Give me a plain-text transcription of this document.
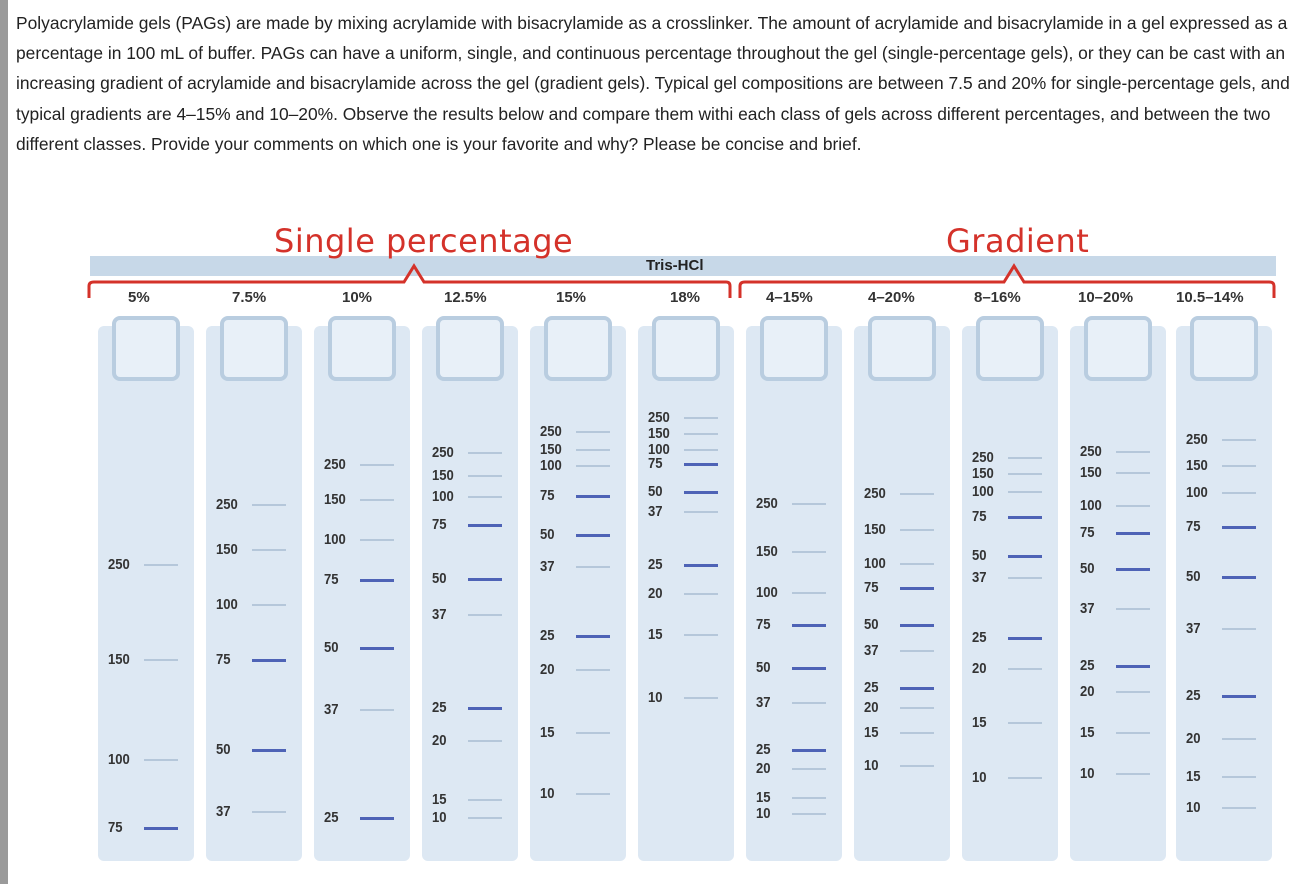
Polyacrylamide gels (PAGs) are made by mixing acrylamide with bisacrylamide as a crosslinker. The amount of acrylamide and bisacrylamide in a gel expressed as a percentage in 100 mL of buffer. PAGs can have a uniform, single, and continuous percentage throughout the gel (single-percentage gels), or they can be cast with an increasing gradient of acrylamide and bisacrylamide across the gel (gradient gels). Typical gel compositions are between 7.5 and 20% for single-percentage gels, and typical gradients are 4–15% and 10–20%. Observe the results below and compare them withi each class of gels across different percentages, and between the two different classes. Provide your comments on which one is your favorite and why? Please be concise and brief.

Single percentage	Gradient
Tris-HCl
5%
250
150
100
75
7.5%
250
150
100
75
50
37
10%
250
150
100
75
50
37
25
12.5%
250
150
100
75
50
37
25
20
15
10
15%
250
150
100
75
50
37
25
20
15
10
18%
250
150
100
75
50
37
25
20
15
10
4–15%
250
150
100
75
50
37
25
20
15
10
4–20%
250
150
100
75
50
37
25
20
15
10
8–16%
250
150
100
75
50
37
25
20
15
10
10–20%
250
150
100
75
50
37
25
20
15
10
10.5–14%
250
150
100
75
50
37
25
20
15
10
